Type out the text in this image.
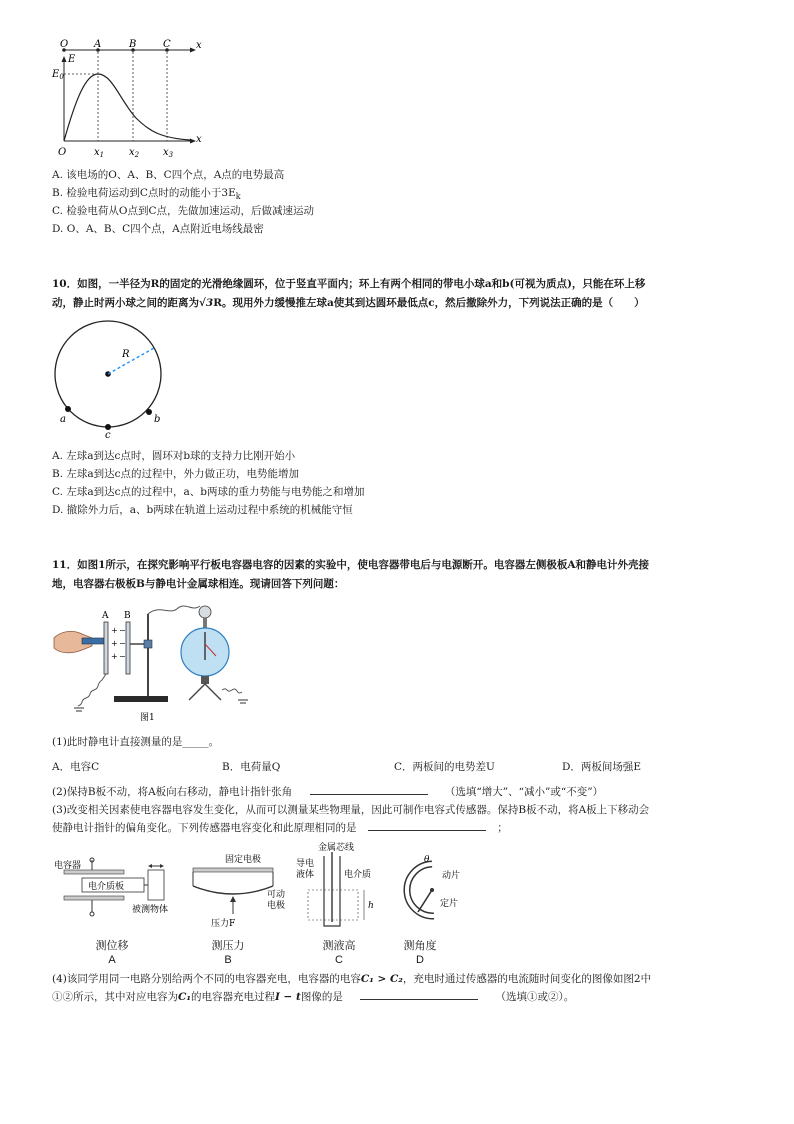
O	A	B	C	x
E
$E_0$
O	$x_1$ $x_2$ $x_3$
x
A. 该电场的O、A、B、C四个点，A点的电势最高
B. 检验电荷运动到C点时的动能小于$3E_k$
C. 检验电荷从O点到C点，先做加速运动，后做减速运动
D. O、A、B、C四个点，A点附近电场线最密
10．如图，一半径为R的固定的光滑绝缘圆环，位于竖直平面内；环上有两个相同的带电小球a和b(可视为质点)，只能在环上移
动，静止时两小球之间的距离为√3R。现用外力缓慢推左球a使其到达圆环最低点c，然后撤除外力，下列说法正确的是（　　）
R
a	b
c
A. 左球a到达c点时，圆环对b球的支持力比刚开始小
B. 左球a到达c点的过程中，外力做正功，电势能增加
C. 左球a到达c点的过程中，a、b两球的重力势能与电势能之和增加
D. 撤除外力后，a、b两球在轨道上运动过程中系统的机械能守恒
11．如图1所示，在探究影响平行板电容器电容的因素的实验中，使电容器带电后与电源断开。电容器左侧极板A和静电计外壳接
地，电容器右极板B与静电计金属球相连。现请回答下列问题：
A B
+
+
+
−
−
−
图1
(1)此时静电计直接测量的是_____。
A．电容C	B．电荷量Q	C．两板间的电势差U	D．两板间场强E
(2)保持B板不动，将A板向右移动，静电计指针张角	（选填“增大”、“减小”或“不变”）
(3)改变相关因素使电容器电容发生变化，从而可以测量某些物理量，因此可制作电容式传感器。保持B板不动，将A板上下移动会
使静电计指针的偏角变化。下列传感器电容变化和此原理相同的是	；
电容器
电介质板
被测物体
测位移
A
固定电极
可动
电极
压力F
测压力
B
金属芯线
导电
液体	电介质
h
测液高
C
θ
动片
定片
测角度
D
(4)该同学用同一电路分别给两个不同的电容器充电，电容器的电容C₁ > C₂，充电时通过传感器的电流随时间变化的图像如图2中
①②所示，其中对应电容为C₁的电容器充电过程I − t图像的是	（选填①或②）。
